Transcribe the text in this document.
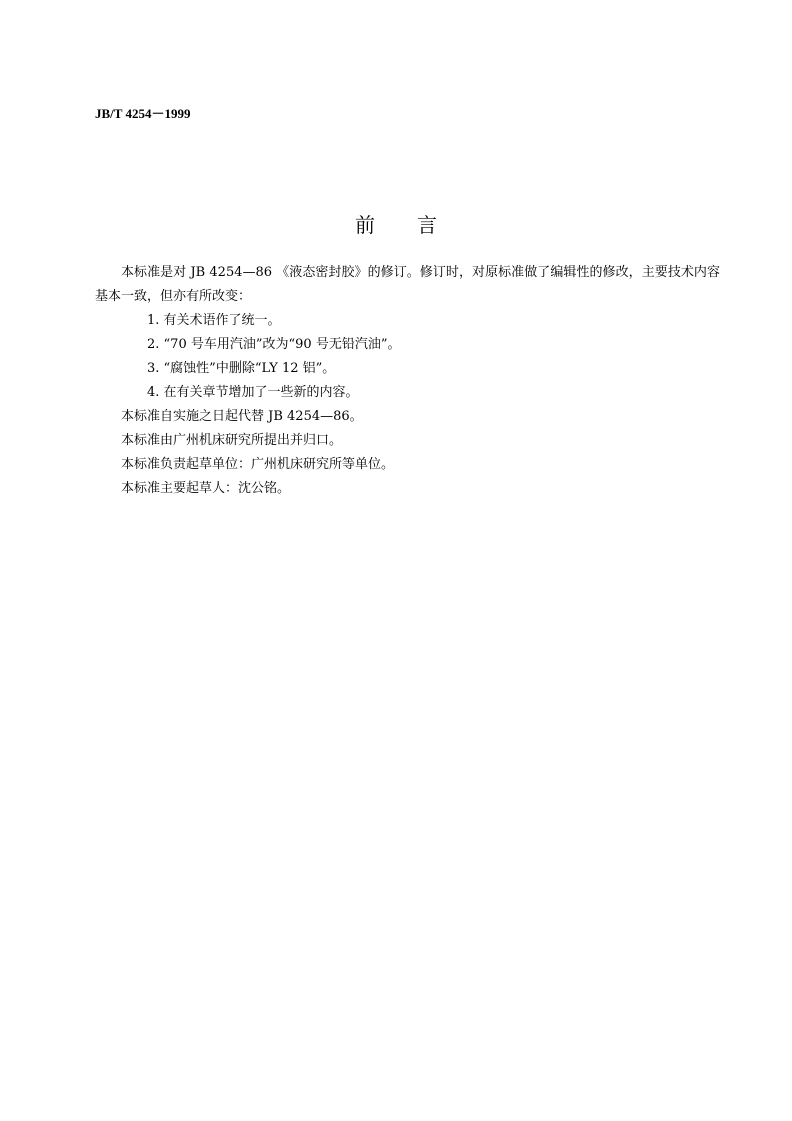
JB/T 4254－1999
前言

本标准是对 JB 4254—86 《液态密封胶》的修订。修订时，对原标准做了编辑性的修改，主要技术内容基本一致，但亦有所改变：

1. 有关术语作了统一。
2. “70 号车用汽油”改为“90 号无铅汽油”。
3. “腐蚀性”中删除“LY 12 铝”。
4. 在有关章节增加了一些新的内容。

本标准自实施之日起代替 JB 4254—86。

本标准由广州机床研究所提出并归口。

本标准负责起草单位：广州机床研究所等单位。

本标准主要起草人：沈公铭。
